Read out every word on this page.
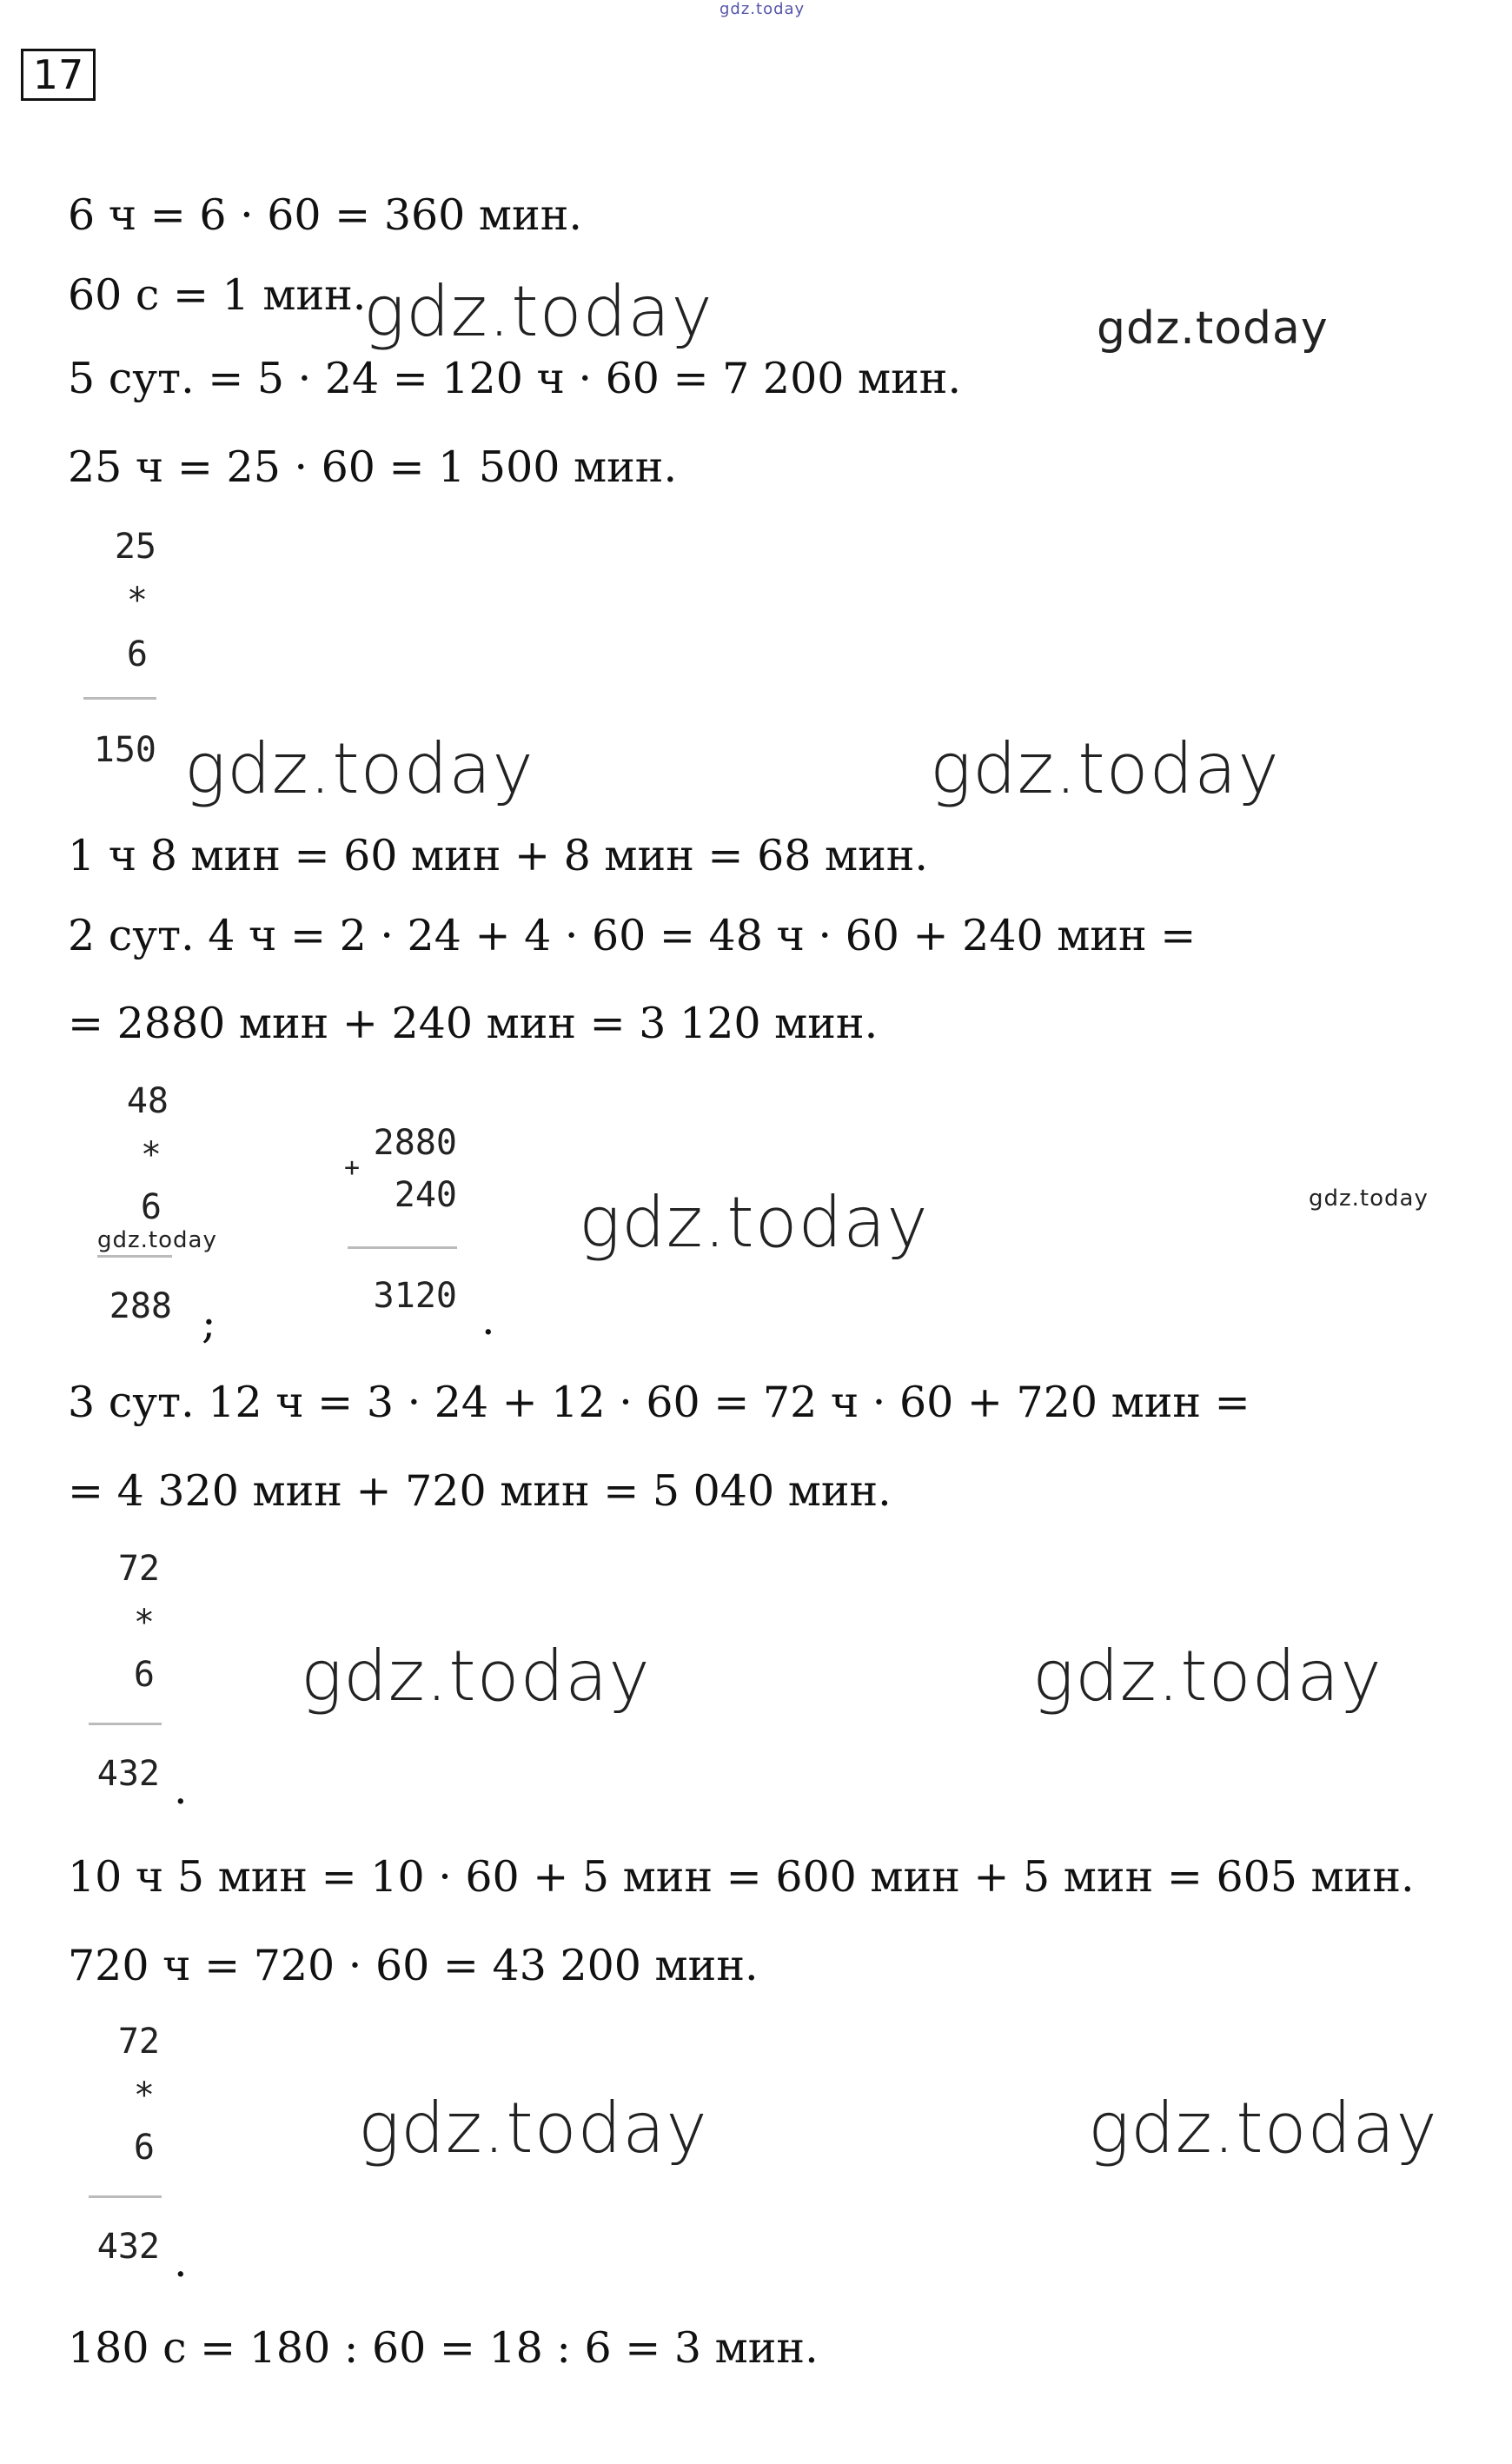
gdz.today
17
6 ч = 6 · 60 = 360 мин.
60 с = 1 мин.
5 сут. = 5 · 24 = 120 ч · 60 = 7 200 мин.
25 ч = 25 · 60 = 1 500 мин.
25
*
6
150
1 ч 8 мин = 60 мин + 8 мин = 68 мин.
2 сут. 4 ч = 2 · 24 + 4 · 60 = 48 ч · 60 + 240 мин =
= 2880 мин + 240 мин = 3 120 мин.
48
*
6
288 ;
2880
+
240
3120 .
3 сут. 12 ч = 3 · 24 + 12 · 60 = 72 ч · 60 + 720 мин =
= 4 320 мин + 720 мин = 5 040 мин.
72
*
6
432 .
10 ч 5 мин = 10 · 60 + 5 мин = 600 мин + 5 мин = 605 мин.
720 ч = 720 · 60 = 43 200 мин.
72
*
6
432 .
180 с = 180 : 60 = 18 : 6 = 3 мин.
gdz.today	gdz.today
gdz.today	gdz.today
gdz.today
gdz.today
gdz.today
gdz.today	gdz.today
gdz.today	gdz.today
